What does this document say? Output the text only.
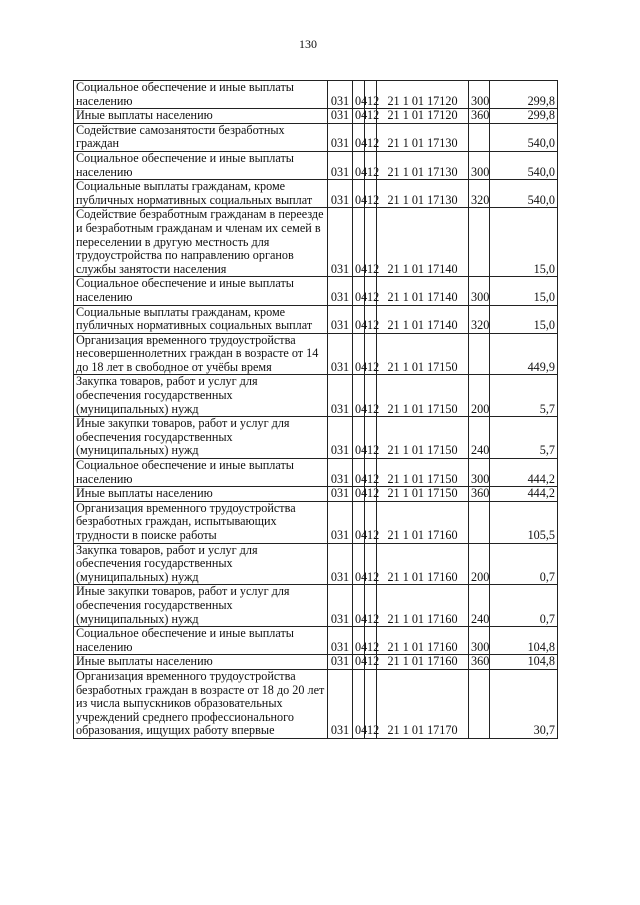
130
Социальное обеспечение и иные выплаты населению	031	04	12	21 1 01 17120	300	299,8
Иные выплаты населению	031	04	12	21 1 01 17120	360	299,8
Содействие самозанятости безработных граждан	031	04	12	21 1 01 17130		540,0
Социальное обеспечение и иные выплаты населению	031	04	12	21 1 01 17130	300	540,0
Социальные выплаты гражданам, кроме публичных нормативных социальных выплат	031	04	12	21 1 01 17130	320	540,0
Содействие безработным гражданам в переезде и безработным гражданам и членам их семей в переселении в другую местность для трудоустройства по направлению органов службы занятости населения	031	04	12	21 1 01 17140		15,0
Социальное обеспечение и иные выплаты населению	031	04	12	21 1 01 17140	300	15,0
Социальные выплаты гражданам, кроме публичных нормативных социальных выплат	031	04	12	21 1 01 17140	320	15,0
Организация временного трудоустройства несовершеннолетних граждан в возрасте от 14 до 18 лет в свободное от учёбы время	031	04	12	21 1 01 17150		449,9
Закупка товаров, работ и услуг для обеспечения государственных (муниципальных) нужд	031	04	12	21 1 01 17150	200	5,7
Иные закупки товаров, работ и услуг для обеспечения государственных (муниципальных) нужд	031	04	12	21 1 01 17150	240	5,7
Социальное обеспечение и иные выплаты населению	031	04	12	21 1 01 17150	300	444,2
Иные выплаты населению	031	04	12	21 1 01 17150	360	444,2
Организация временного трудоустройства безработных граждан, испытывающих трудности в поиске работы	031	04	12	21 1 01 17160		105,5
Закупка товаров, работ и услуг для обеспечения государственных (муниципальных) нужд	031	04	12	21 1 01 17160	200	0,7
Иные закупки товаров, работ и услуг для обеспечения государственных (муниципальных) нужд	031	04	12	21 1 01 17160	240	0,7
Социальное обеспечение и иные выплаты населению	031	04	12	21 1 01 17160	300	104,8
Иные выплаты населению	031	04	12	21 1 01 17160	360	104,8
Организация временного трудоустройства безработных граждан в возрасте от 18 до 20 лет из числа выпускников образовательных учреждений среднего профессионального образования, ищущих работу впервые	031	04	12	21 1 01 17170		30,7
